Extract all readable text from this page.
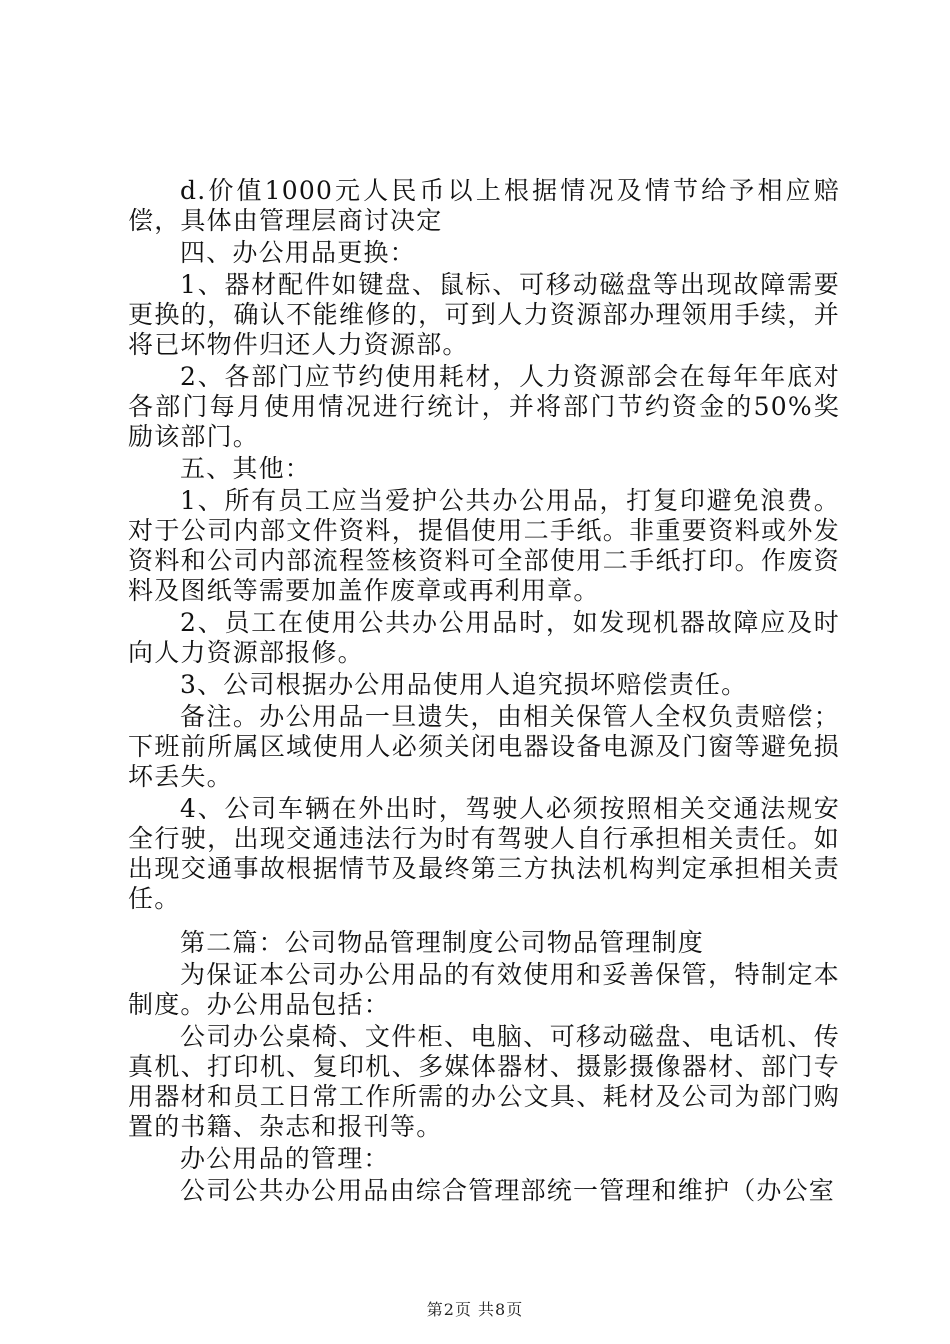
d.价值1000元人民币以上根据情况及情节给予相应赔偿，具体由管理层商讨决定

四、办公用品更换：

1、器材配件如键盘、鼠标、可移动磁盘等出现故障需要更换的，确认不能维修的，可到人力资源部办理领用手续，并将已坏物件归还人力资源部。

2、各部门应节约使用耗材，人力资源部会在每年年底对各部门每月使用情况进行统计，并将部门节约资金的50%奖励该部门。

五、其他：

1、所有员工应当爱护公共办公用品，打复印避免浪费。对于公司内部文件资料，提倡使用二手纸。非重要资料或外发资料和公司内部流程签核资料可全部使用二手纸打印。作废资料及图纸等需要加盖作废章或再利用章。

2、员工在使用公共办公用品时，如发现机器故障应及时向人力资源部报修。

3、公司根据办公用品使用人追究损坏赔偿责任。

备注。办公用品一旦遗失，由相关保管人全权负责赔偿；下班前所属区域使用人必须关闭电器设备电源及门窗等避免损坏丢失。

4、公司车辆在外出时，驾驶人必须按照相关交通法规安全行驶，出现交通违法行为时有驾驶人自行承担相关责任。如出现交通事故根据情节及最终第三方执法机构判定承担相关责任。

第二篇：公司物品管理制度公司物品管理制度

为保证本公司办公用品的有效使用和妥善保管，特制定本制度。办公用品包括：

公司办公桌椅、文件柜、电脑、可移动磁盘、电话机、传真机、打印机、复印机、多媒体器材、摄影摄像器材、部门专用器材和员工日常工作所需的办公文具、耗材及公司为部门购置的书籍、杂志和报刊等。

办公用品的管理：

公司公共办公用品由综合管理部统一管理和维护（办公室

第2页 共8页
